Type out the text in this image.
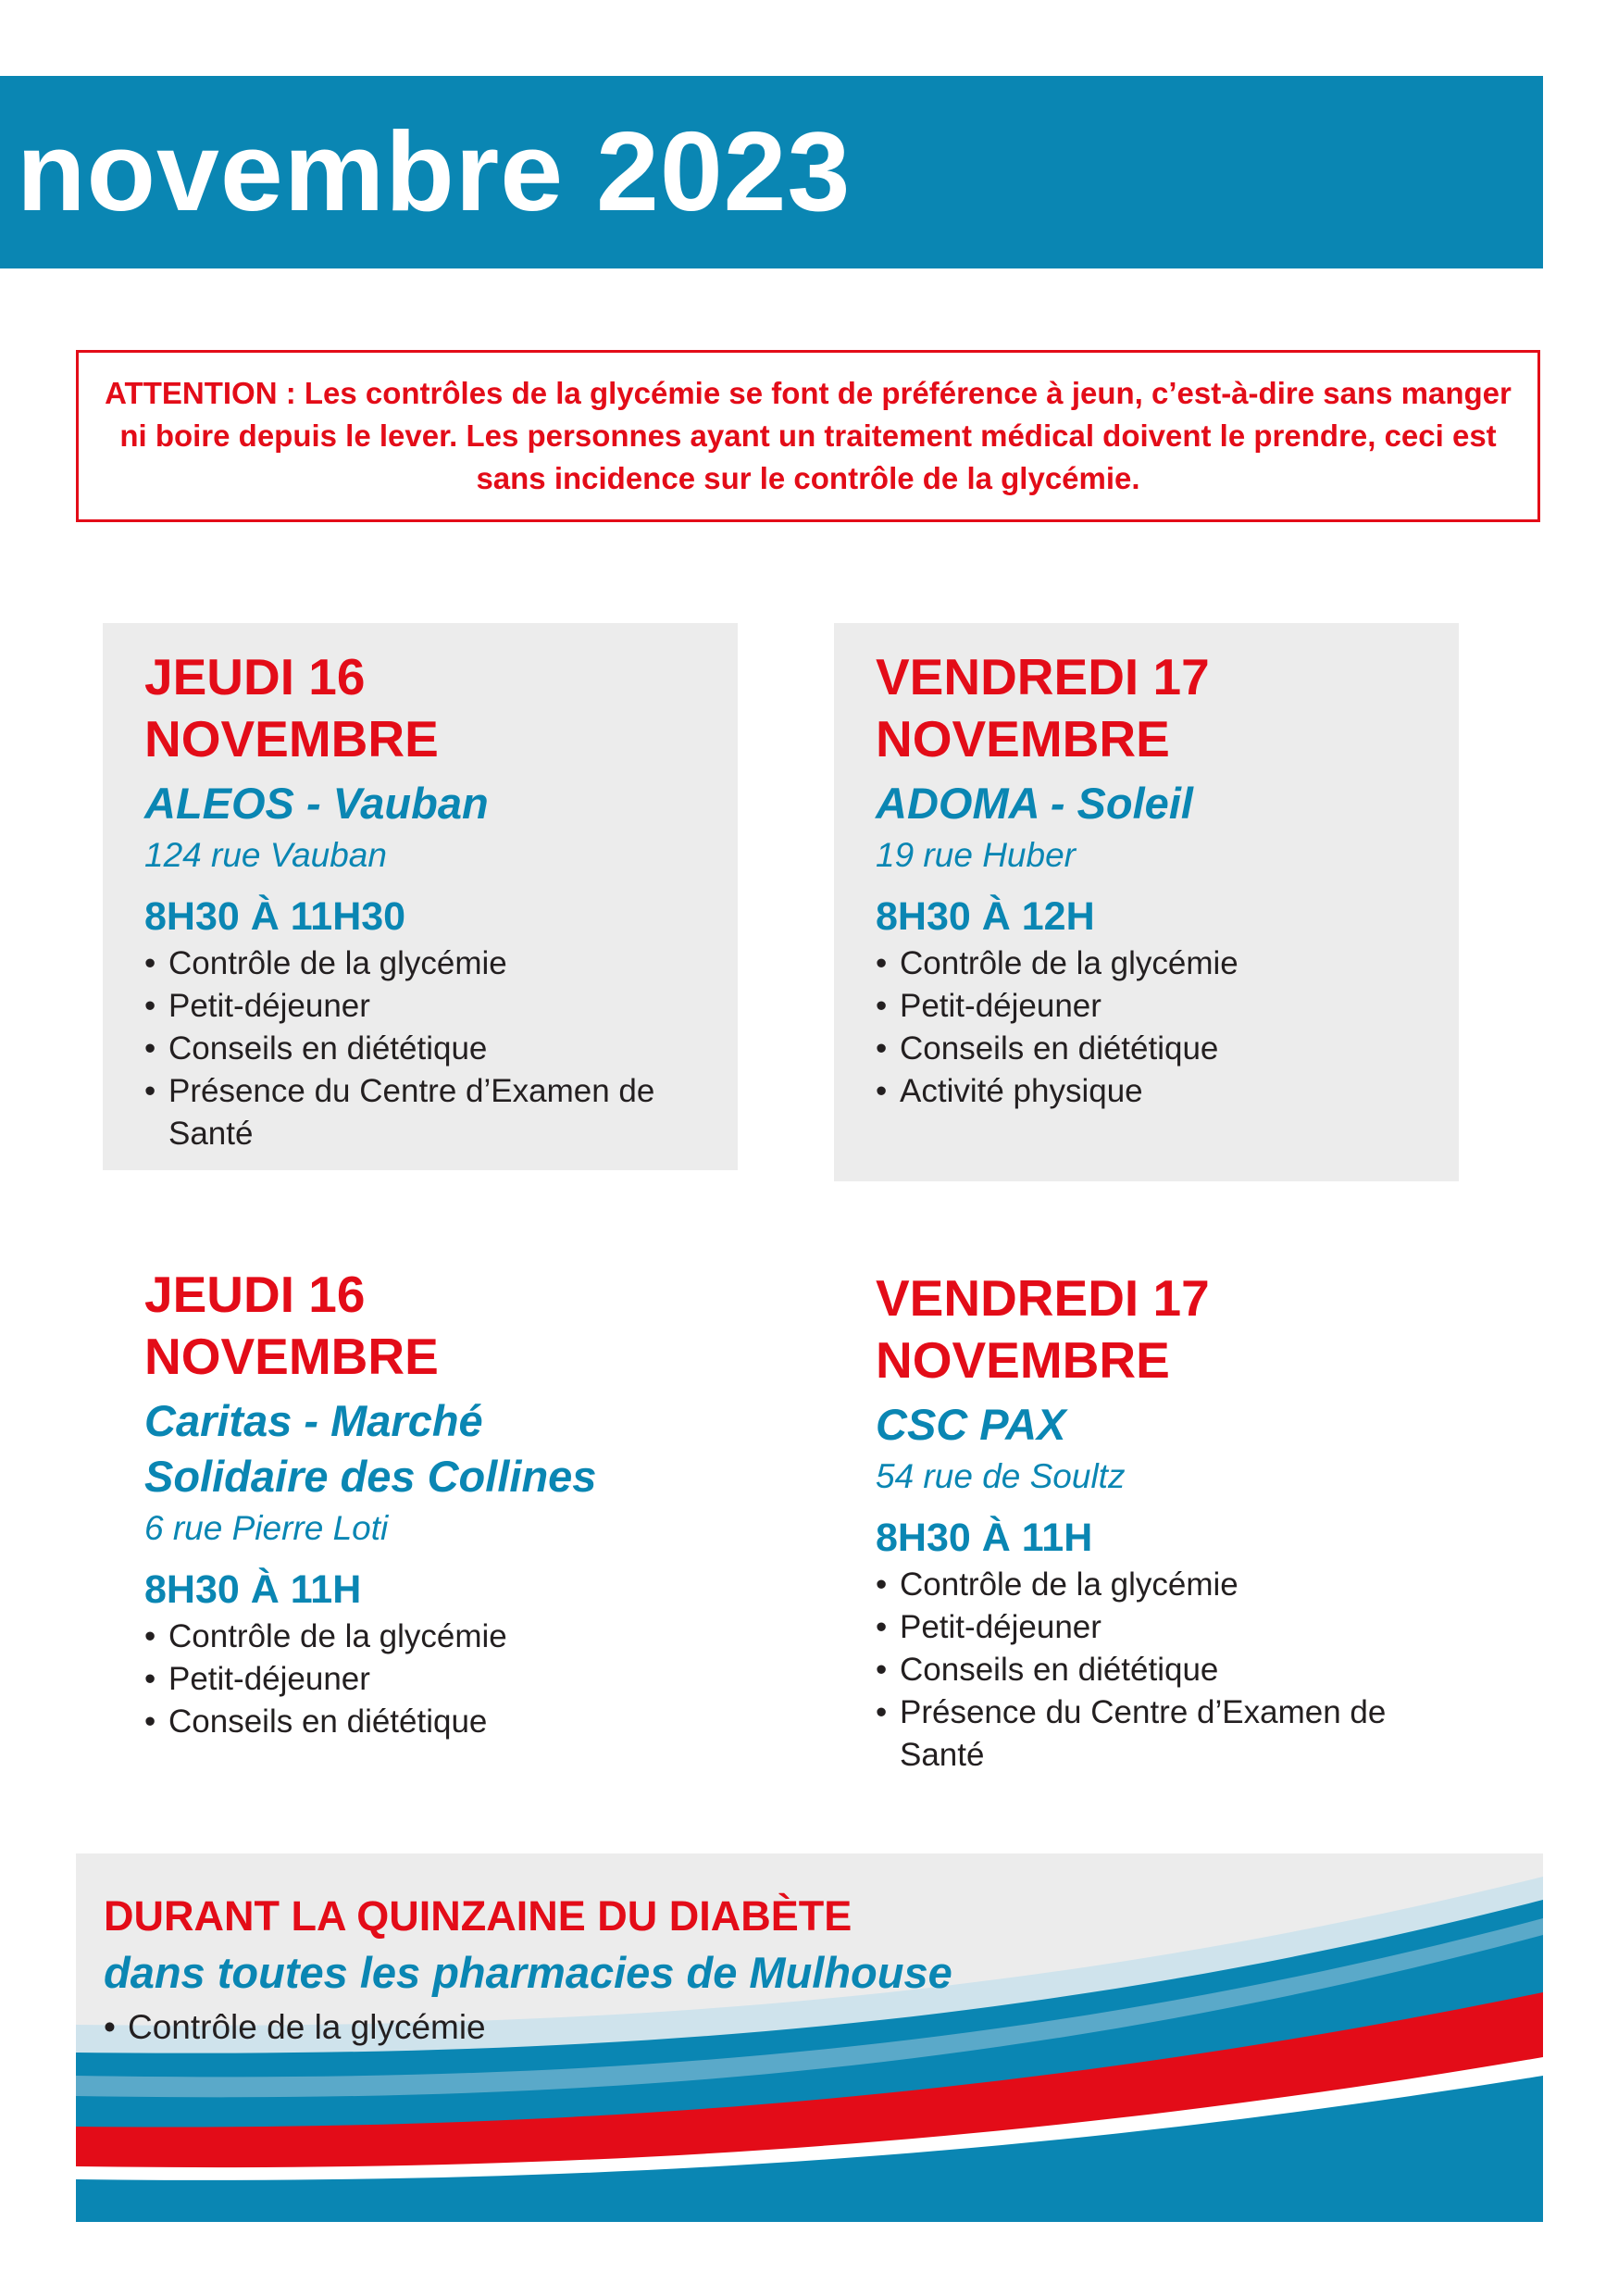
novembre 2023

ATTENTION : Les contrôles de la glycémie se font de préférence à jeun, c’est-à-dire sans manger ni boire depuis le lever. Les personnes ayant un traitement médical doivent le prendre, ceci est sans incidence sur le contrôle de la glycémie.

JEUDI 16 NOVEMBRE

ALEOS - Vauban

124 rue Vauban

8H30 À 11H30

• Contrôle de la glycémie
• Petit-déjeuner
• Conseils en diététique
• Présence du Centre d’Examen de Santé

VENDREDI 17 NOVEMBRE

ADOMA - Soleil

19 rue Huber

8H30 À 12H

• Contrôle de la glycémie
• Petit-déjeuner
• Conseils en diététique
• Activité physique

JEUDI 16 NOVEMBRE

Caritas - Marché Solidaire des Collines

6 rue Pierre Loti

8H30 À 11H

• Contrôle de la glycémie
• Petit-déjeuner
• Conseils en diététique

VENDREDI 17 NOVEMBRE

CSC PAX

54 rue de Soultz

8H30 À 11H

• Contrôle de la glycémie
• Petit-déjeuner
• Conseils en diététique
• Présence du Centre d’Examen de Santé

DURANT LA QUINZAINE DU DIABÈTE

dans toutes les pharmacies de Mulhouse

• Contrôle de la glycémie
